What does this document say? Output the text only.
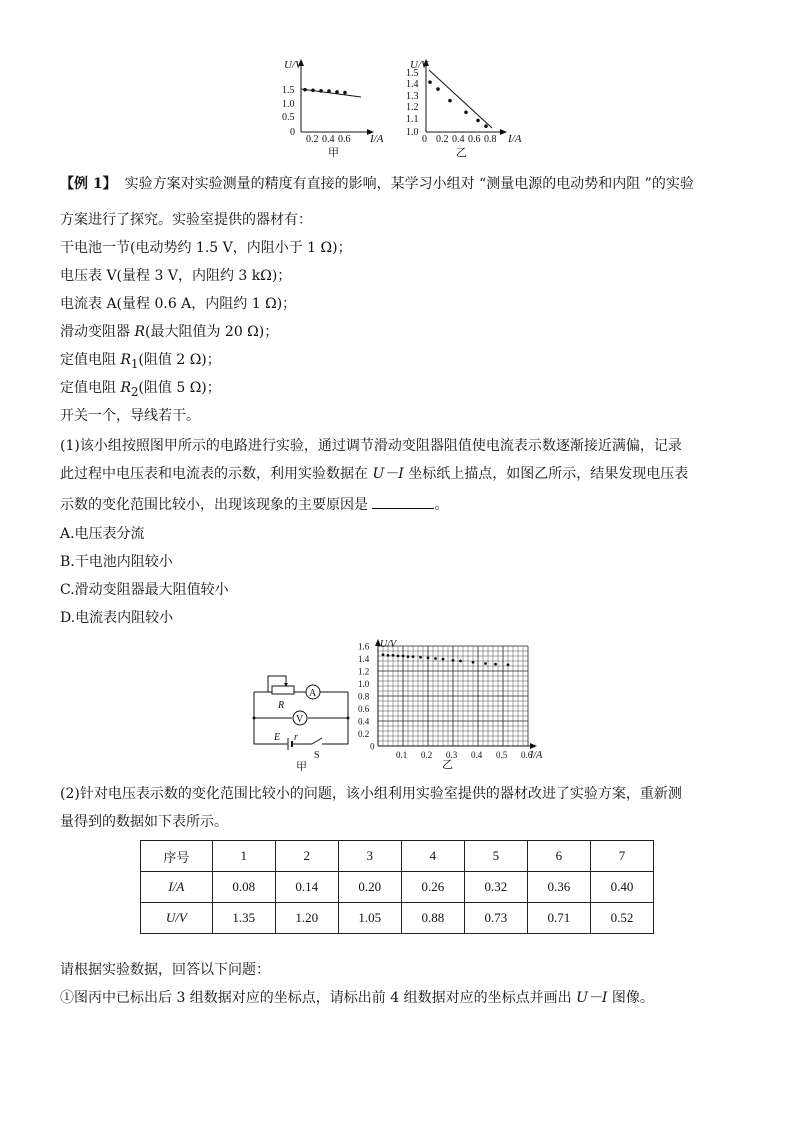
U/V
I/A
1.5
1.0
0.5
0
0.2 0.4 0.6
甲
U/V
I/A
1.5
1.4
1.3
1.2
1.1
1.0
0 0.2 0.4 0.6 0.8
乙
【例 1】 实验方案对实验测量的精度有直接的影响，某学习小组对 “测量电源的电动势和内阻 ”的实验
方案进行了探究。实验室提供的器材有：
干电池一节(电动势约 1.5 V，内阻小于 1 Ω)；
电压表 V(量程 3 V，内阻约 3 kΩ)；
电流表 A(量程 0.6 A，内阻约 1 Ω)；
滑动变阻器 R(最大阻值为 20 Ω)；
定值电阻 $R_1$(阻值 2 Ω)；
定值电阻 $R_2$(阻值 5 Ω)；
开关一个，导线若干。
(1)该小组按照图甲所示的电路进行实验，通过调节滑动变阻器阻值使电流表示数逐渐接近满偏，记录
此过程中电压表和电流表的示数，利用实验数据在 U－I 坐标纸上描点，如图乙所示，结果发现电压表
示数的变化范围比较小，出现该现象的主要原因是	。
A.电压表分流
B.干电池内阻较小
C.滑动变阻器最大阻值较小
D.电流表内阻较小
A
R
V
E r
S
甲
U/V
I/A
1.6
1.4
1.2
1.0
0.8
0.6
0.4
0.2
0
0.1 0.2 0.3 0.4 0.5 0.6
乙
(2)针对电压表示数的变化范围比较小的问题，该小组利用实验室提供的器材改进了实验方案，重新测
量得到的数据如下表所示。
序号	1	2	3	4	5	6	7
I/A	0.08	0.14	0.20	0.26	0.32	0.36	0.40
U/V	1.35	1.20	1.05	0.88	0.73	0.71	0.52
请根据实验数据，回答以下问题：
①图丙中已标出后 3 组数据对应的坐标点，请标出前 4 组数据对应的坐标点并画出 U－I 图像。
